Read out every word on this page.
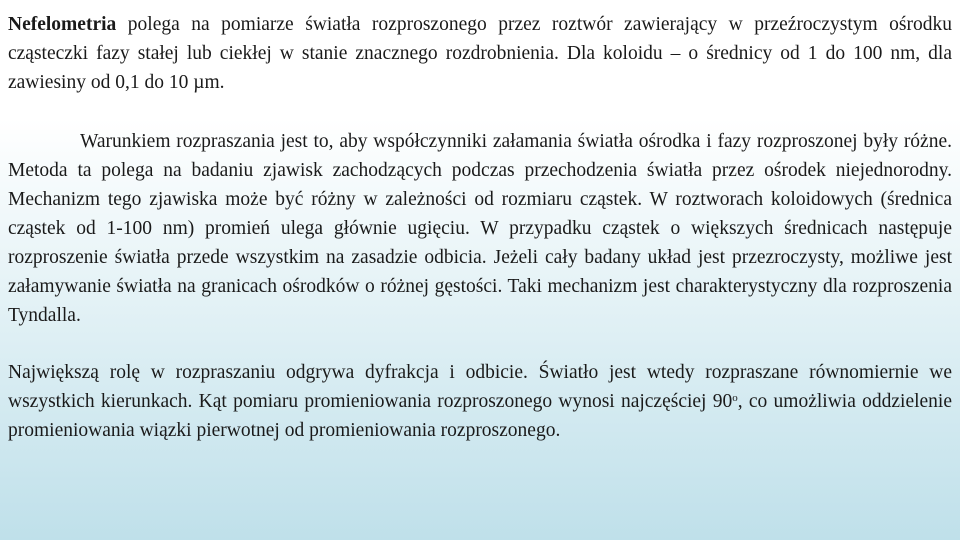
Nefelometria polega na pomiarze światła rozproszonego przez roztwór zawierający w przeźroczystym ośrodku cząsteczki fazy stałej lub ciekłej w stanie znacznego rozdrobnienia. Dla koloidu – o średnicy od 1 do 100 nm, dla zawiesiny od 0,1 do 10 µm.

Warunkiem rozpraszania jest to, aby współczynniki załamania światła ośrodka i fazy rozproszonej były różne. Metoda ta polega na badaniu zjawisk zachodzących podczas przechodzenia światła przez ośrodek niejednorodny. Mechanizm tego zjawiska może być różny w zależności od rozmiaru cząstek. W roztworach koloidowych (średnica cząstek od 1-100 nm) promień ulega głównie ugięciu. W przypadku cząstek o większych średnicach następuje rozproszenie światła przede wszystkim na zasadzie odbicia. Jeżeli cały badany układ jest przezroczysty, możliwe jest załamywanie światła na granicach ośrodków o różnej gęstości. Taki mechanizm jest charakterystyczny dla rozproszenia Tyndalla.

Największą rolę w rozpraszaniu odgrywa dyfrakcja i odbicie. Światło jest wtedy rozpraszane równomiernie we wszystkich kierunkach. Kąt pomiaru promieniowania rozproszonego wynosi najczęściej 90$^o$, co umożliwia oddzielenie promieniowania wiązki pierwotnej od promieniowania rozproszonego.
